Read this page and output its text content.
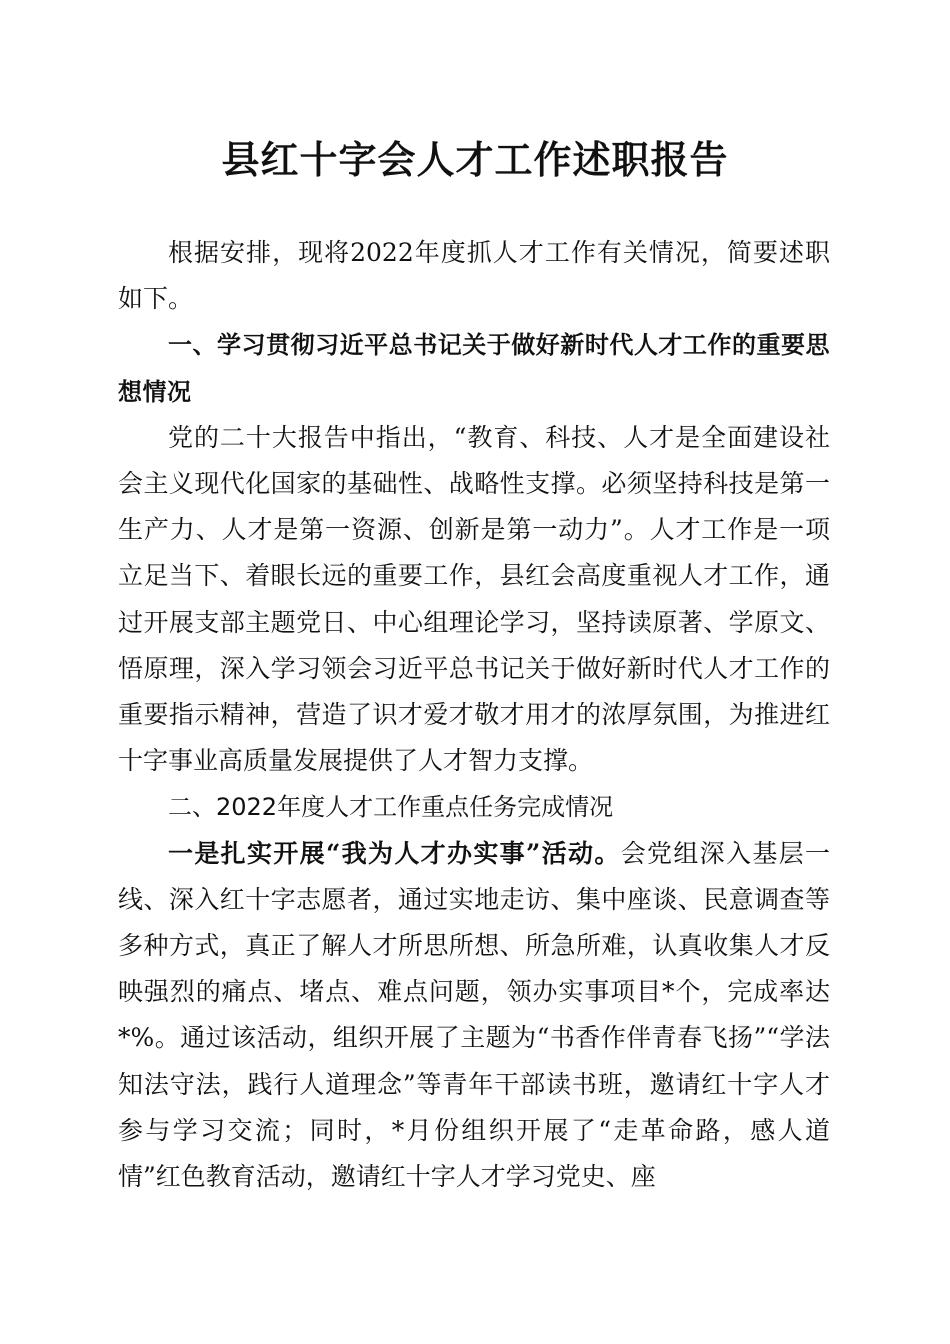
县红十字会人才工作述职报告

根据安排，现将2022年度抓人才工作有关情况，简要述职如下。

一、学习贯彻习近平总书记关于做好新时代人才工作的重要思想情况

党的二十大报告中指出，“教育、科技、人才是全面建设社会主义现代化国家的基础性、战略性支撑。必须坚持科技是第一生产力、人才是第一资源、创新是第一动力”。人才工作是一项立足当下、着眼长远的重要工作，县红会高度重视人才工作，通过开展支部主题党日、中心组理论学习，坚持读原著、学原文、悟原理，深入学习领会习近平总书记关于做好新时代人才工作的重要指示精神，营造了识才爱才敬才用才的浓厚氛围，为推进红十字事业高质量发展提供了人才智力支撑。

二、2022年度人才工作重点任务完成情况

一是扎实开展“我为人才办实事”活动。会党组深入基层一线、深入红十字志愿者，通过实地走访、集中座谈、民意调查等多种方式，真正了解人才所思所想、所急所难，认真收集人才反映强烈的痛点、堵点、难点问题，领办实事项目*个，完成率达*%。通过该活动，组织开展了主题为“书香作伴青春飞扬”“学法知法守法，践行人道理念”等青年干部读书班，邀请红十字人才参与学习交流；同时，*月份组织开展了“走革命路，感人道情”红色教育活动，邀请红十字人才学习党史、座
